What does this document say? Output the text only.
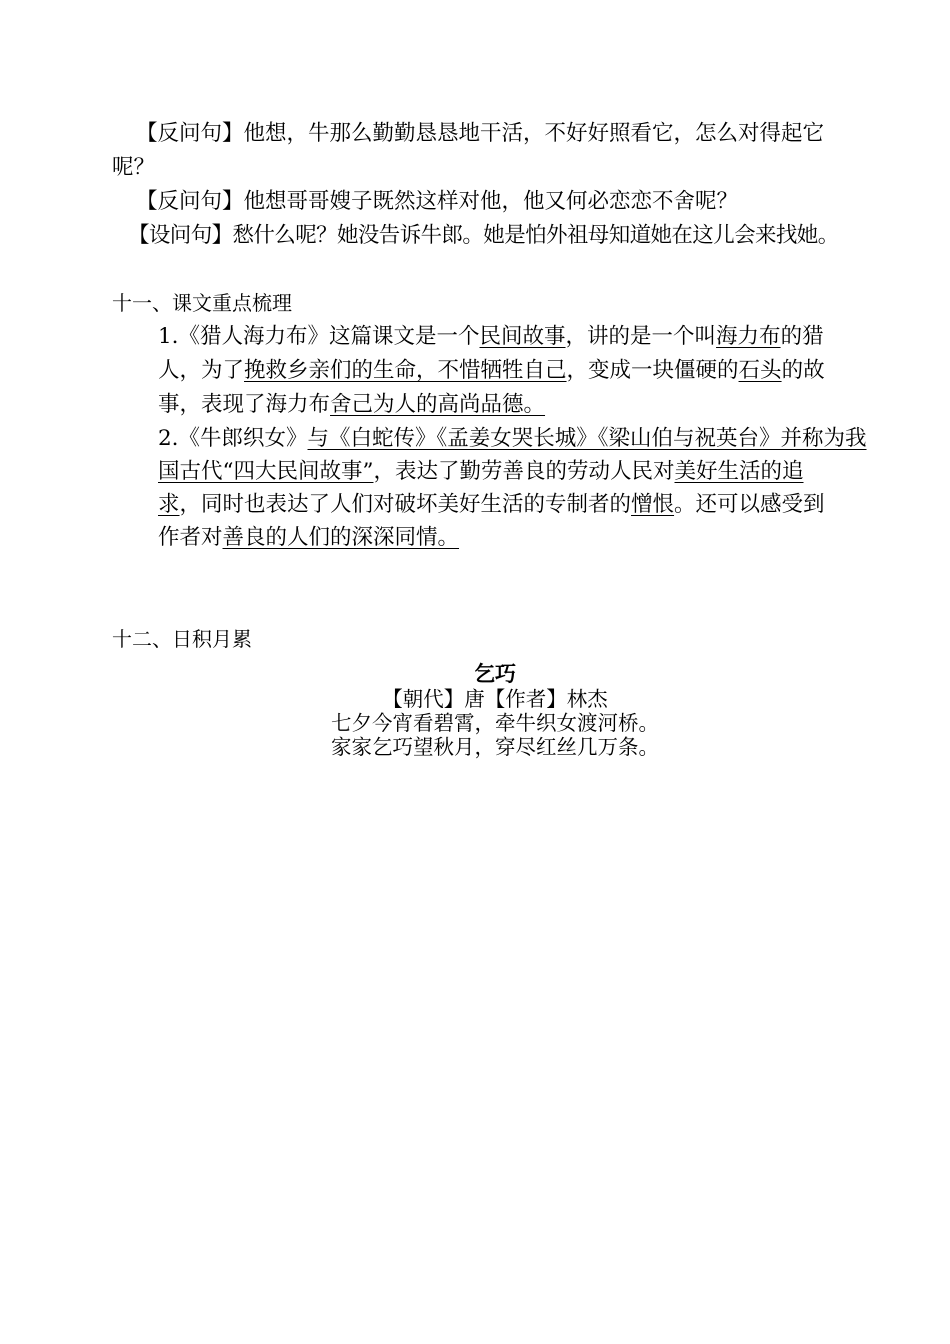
【反问句】他想，牛那么勤勤恳恳地干活，不好好照看它，怎么对得起它
呢？
【反问句】他想哥哥嫂子既然这样对他，他又何必恋恋不舍呢？
【设问句】愁什么呢？她没告诉牛郎。她是怕外祖母知道她在这儿会来找她。
十一、课文重点梳理
1.《猎人海力布》这篇课文是一个民间故事，讲的是一个叫海力布的猎
人，为了挽救乡亲们的生命，不惜牺牲自己，变成一块僵硬的石头的故
事，表现了海力布舍己为人的高尚品德。
2.《牛郎织女》与《白蛇传》《孟姜女哭长城》《梁山伯与祝英台》并称为我
国古代“四大民间故事”，表达了勤劳善良的劳动人民对美好生活的追
求，同时也表达了人们对破坏美好生活的专制者的憎恨。还可以感受到
作者对善良的人们的深深同情。
十二、日积月累
乞巧
【朝代】唐【作者】林杰
七夕今宵看碧霄，牵牛织女渡河桥。
家家乞巧望秋月，穿尽红丝几万条。
